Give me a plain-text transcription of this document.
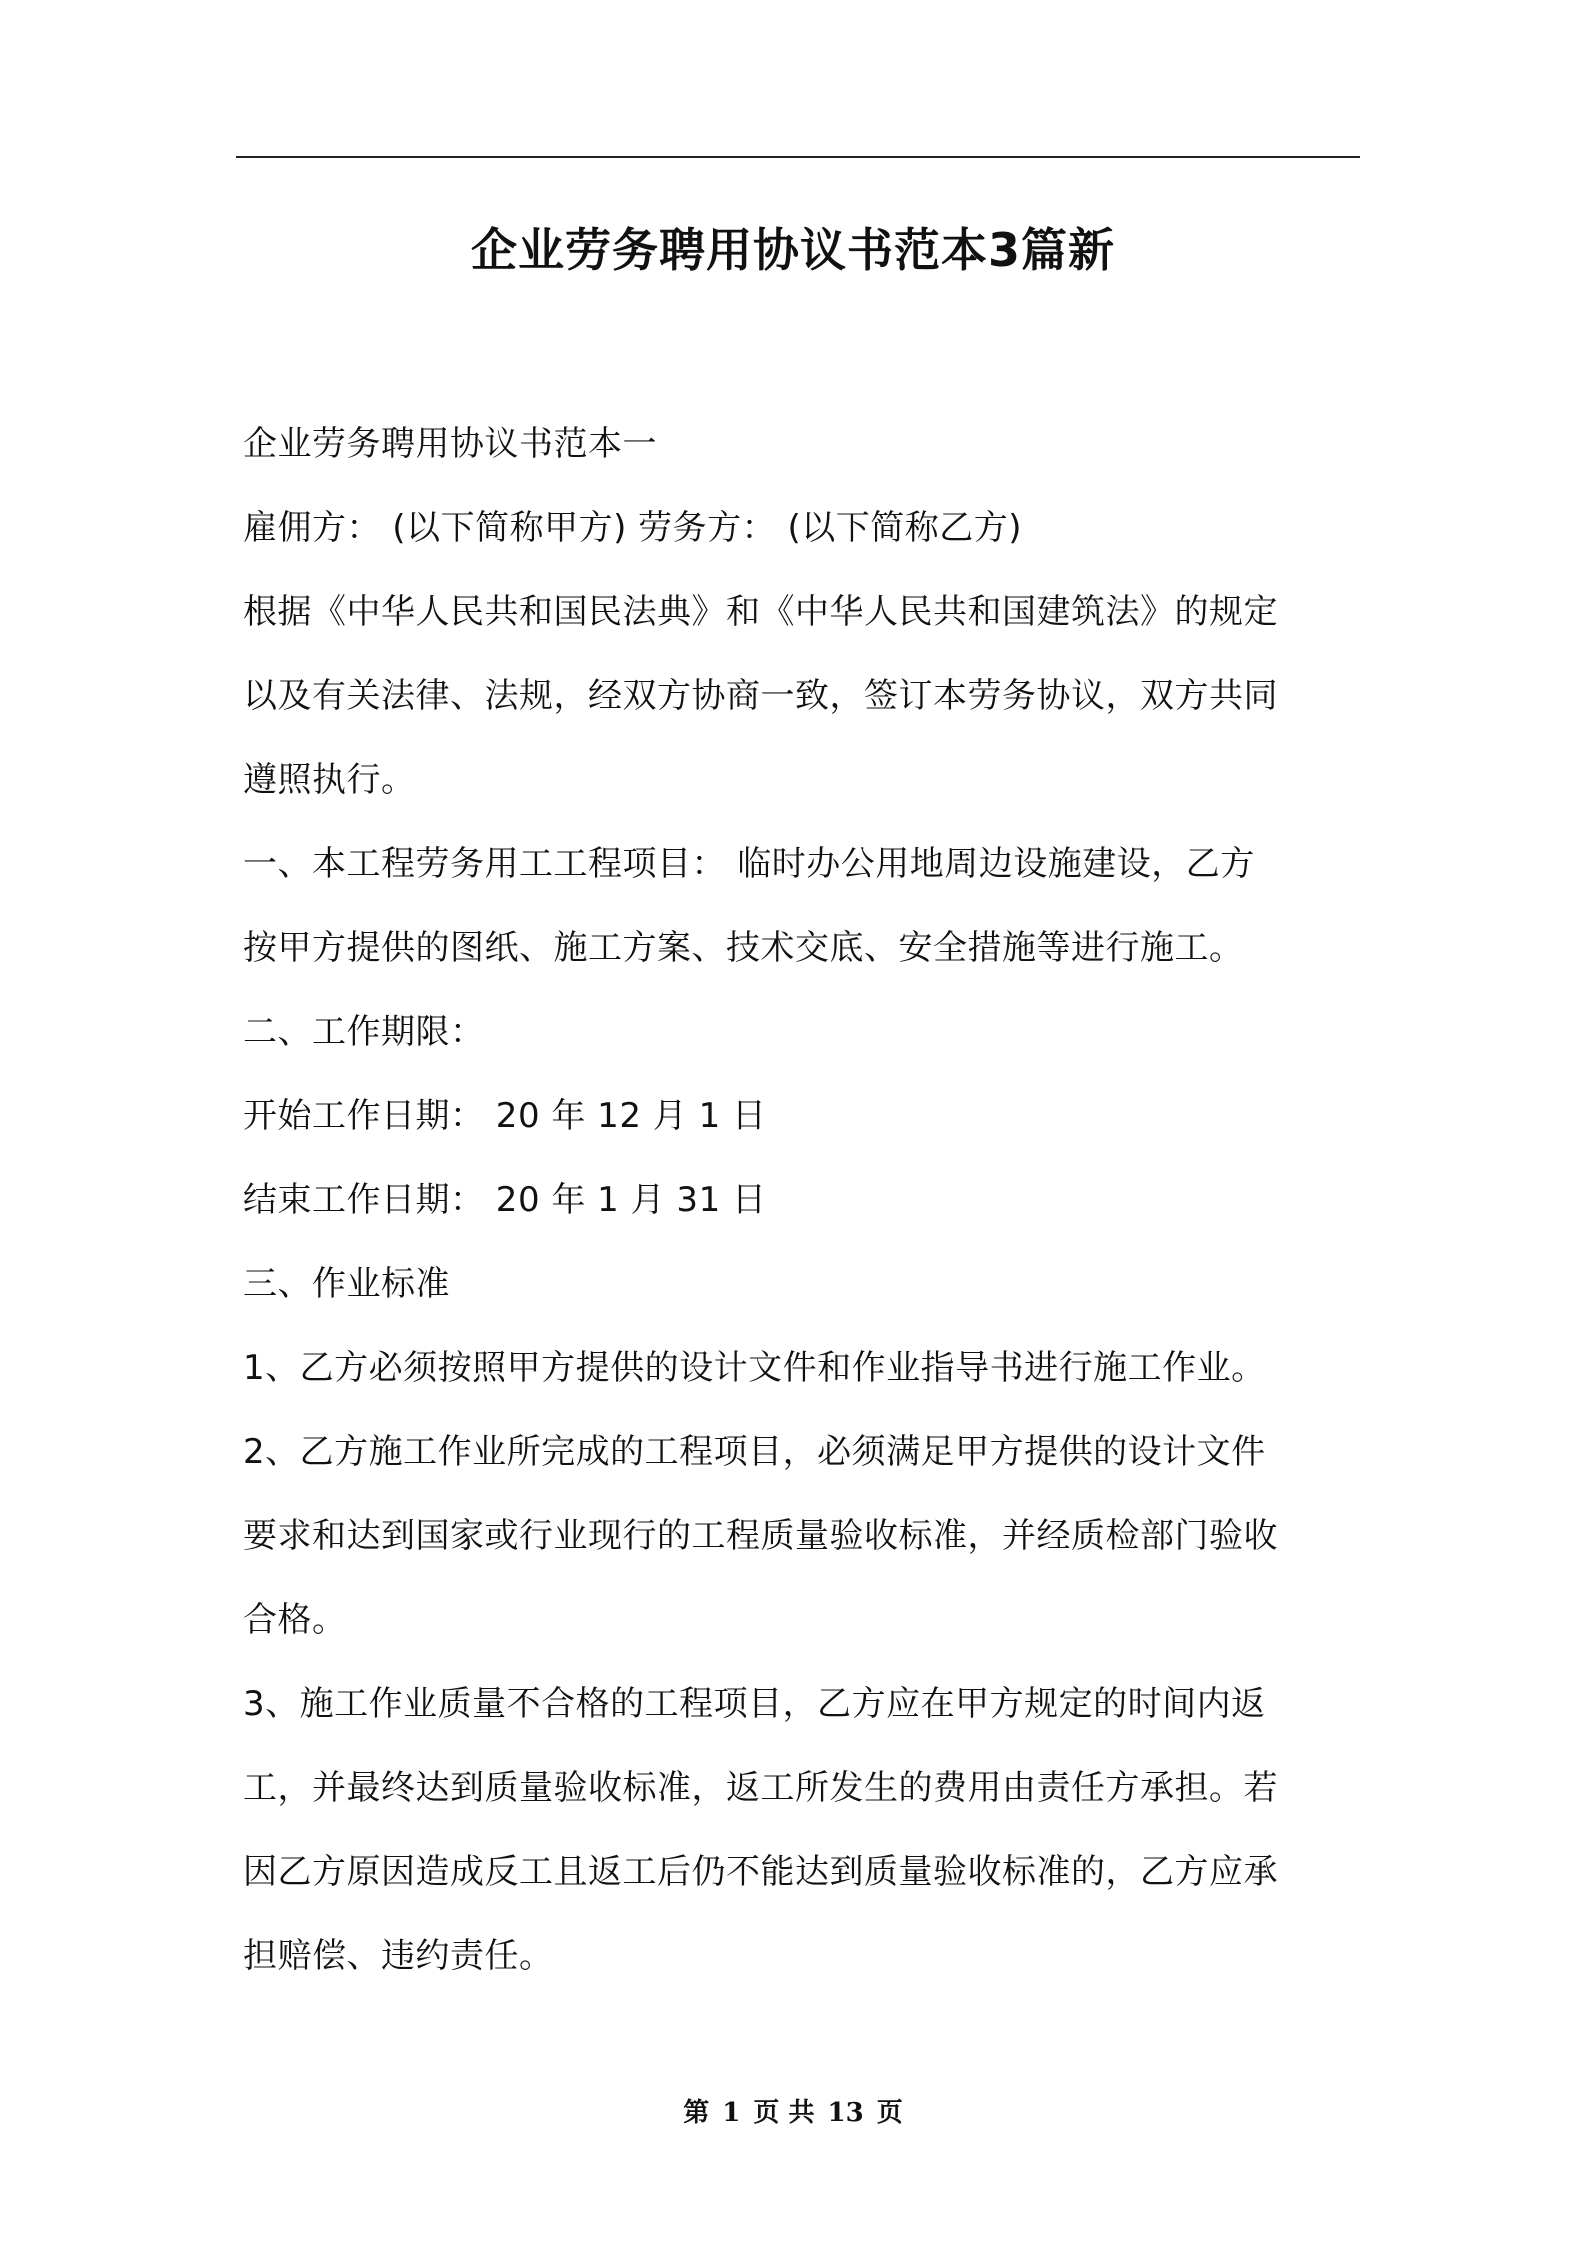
企业劳务聘用协议书范本3篇新

企业劳务聘用协议书范本一

雇佣方： (以下简称甲方) 劳务方： (以下简称乙方)

根据《中华人民共和国民法典》和《中华人民共和国建筑法》的规定

以及有关法律、法规，经双方协商一致，签订本劳务协议，双方共同

遵照执行。

一、本工程劳务用工工程项目： 临时办公用地周边设施建设，乙方

按甲方提供的图纸、施工方案、技术交底、安全措施等进行施工。

二、工作期限：

开始工作日期： 20 年 12 月 1 日

结束工作日期： 20 年 1 月 31 日

三、作业标准

1、乙方必须按照甲方提供的设计文件和作业指导书进行施工作业。

2、乙方施工作业所完成的工程项目，必须满足甲方提供的设计文件

要求和达到国家或行业现行的工程质量验收标准，并经质检部门验收

合格。

3、施工作业质量不合格的工程项目，乙方应在甲方规定的时间内返

工，并最终达到质量验收标准，返工所发生的费用由责任方承担。若

因乙方原因造成反工且返工后仍不能达到质量验收标准的，乙方应承

担赔偿、违约责任。

第 1 页 共 13 页
